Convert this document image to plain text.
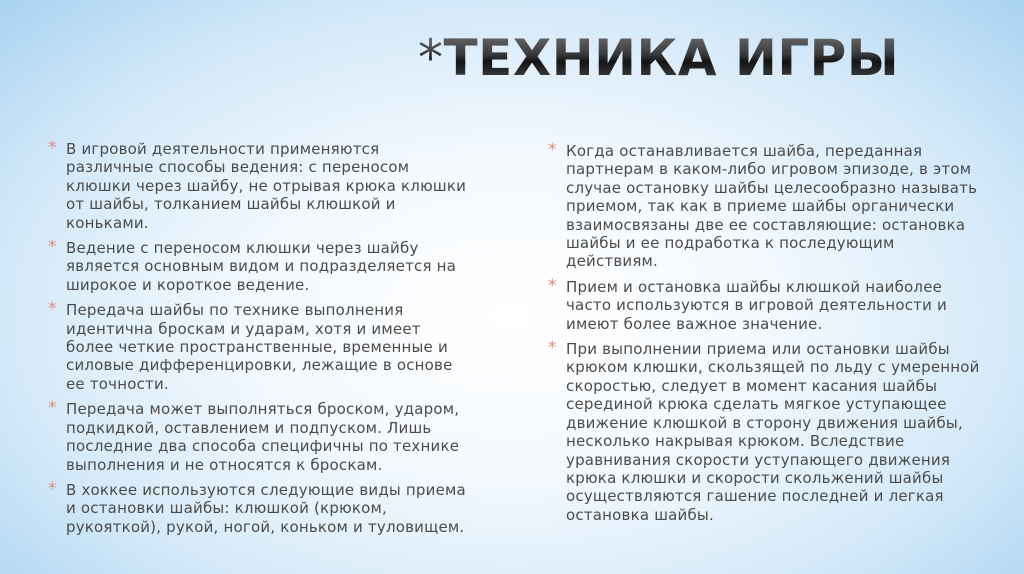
*ТЕХНИКА ИГРЫ
* В игровой деятельности применяются
различные способы ведения: с переносом
клюшки через шайбу, не отрывая крюка клюшки
от шайбы, толканием шайбы клюшкой и
коньками.
* Ведение с переносом клюшки через шайбу
является основным видом и подразделяется на
широкое и короткое ведение.
* Передача шайбы по технике выполнения
идентична броскам и ударам, хотя и имеет
более четкие пространственные, временные и
силовые дифференцировки, лежащие в основе
ее точности.
* Передача может выполняться броском, ударом,
подкидкой, оставлением и подпуском. Лишь
последние два способа специфичны по технике
выполнения и не относятся к броскам.
* В хоккее используются следующие виды приема
и остановки шайбы: клюшкой (крюком,
рукояткой), рукой, ногой, коньком и туловищем.
* Когда останавливается шайба, переданная
партнерам в каком-либо игровом эпизоде, в этом
случае остановку шайбы целесообразно называть
приемом, так как в приеме шайбы органически
взаимосвязаны две ее составляющие: остановка
шайбы и ее подработка к последующим
действиям.
* Прием и остановка шайбы клюшкой наиболее
часто используются в игровой деятельности и
имеют более важное значение.
* При выполнении приема или остановки шайбы
крюком клюшки, скользящей по льду с умеренной
скоростью, следует в момент касания шайбы
серединой крюка сделать мягкое уступающее
движение клюшкой в сторону движения шайбы,
несколько накрывая крюком. Вследствие
уравнивания скорости уступающего движения
крюка клюшки и скорости скольжений шайбы
осуществляются гашение последней и легкая
остановка шайбы.
